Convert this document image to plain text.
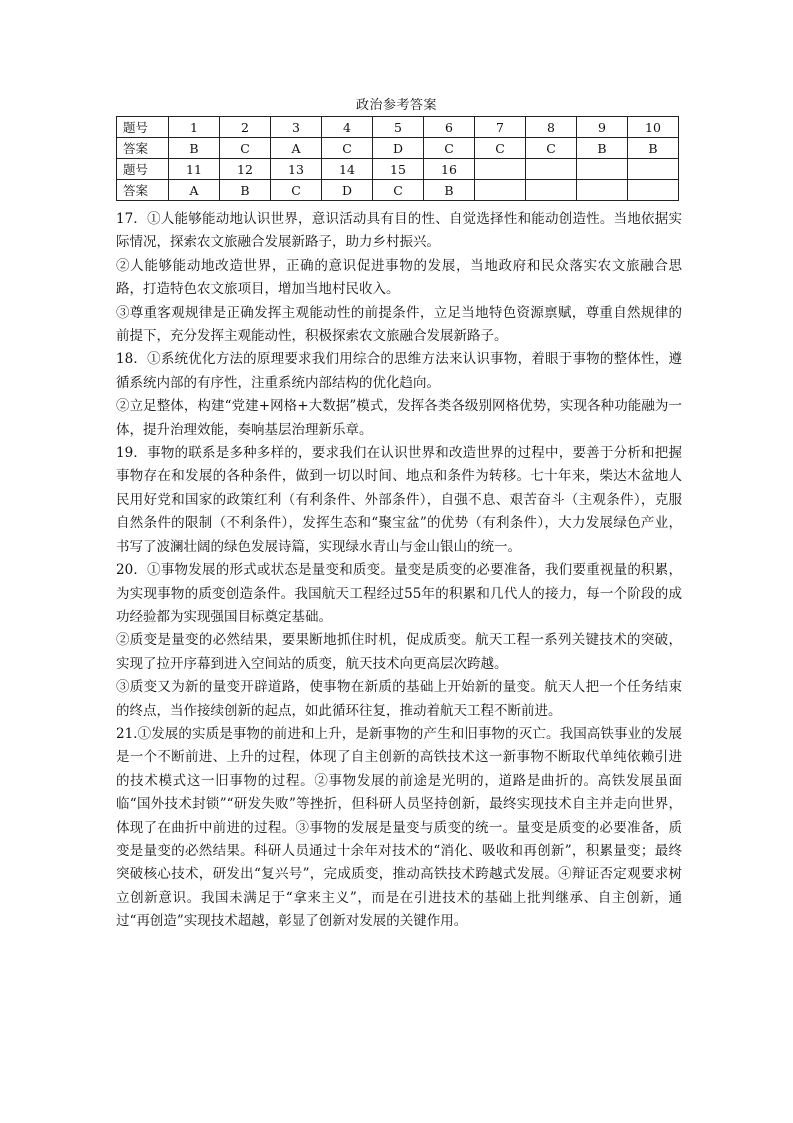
政治参考答案
题号	1	2	3	4	5	6	7	8	9	10
答案	B	C	A	C	D	C	C	C	B	B
题号	11	12	13	14	15	16				
答案	A	B	C	D	C	B				

17．①人能够能动地认识世界，意识活动具有目的性、自觉选择性和能动创造性。当地依据实际情况，探索农文旅融合发展新路子，助力乡村振兴。

②人能够能动地改造世界，正确的意识促进事物的发展，当地政府和民众落实农文旅融合思路，打造特色农文旅项目，增加当地村民收入。

③尊重客观规律是正确发挥主观能动性的前提条件，立足当地特色资源禀赋，尊重自然规律的前提下，充分发挥主观能动性，积极探索农文旅融合发展新路子。

18．①系统优化方法的原理要求我们用综合的思维方法来认识事物，着眼于事物的整体性，遵循系统内部的有序性，注重系统内部结构的优化趋向。

②立足整体，构建“党建+网格+大数据”模式，发挥各类各级别网格优势，实现各种功能融为一体，提升治理效能，奏响基层治理新乐章。

19．事物的联系是多种多样的，要求我们在认识世界和改造世界的过程中，要善于分析和把握事物存在和发展的各种条件，做到一切以时间、地点和条件为转移。七十年来，柴达木盆地人民用好党和国家的政策红利（有利条件、外部条件），自强不息、艰苦奋斗（主观条件），克服自然条件的限制（不利条件），发挥生态和“聚宝盆”的优势（有利条件），大力发展绿色产业，书写了波澜壮阔的绿色发展诗篇，实现绿水青山与金山银山的统一。

20．①事物发展的形式或状态是量变和质变。量变是质变的必要准备，我们要重视量的积累，为实现事物的质变创造条件。我国航天工程经过55年的积累和几代人的接力，每一个阶段的成功经验都为实现强国目标奠定基础。

②质变是量变的必然结果，要果断地抓住时机，促成质变。航天工程一系列关键技术的突破，实现了拉开序幕到进入空间站的质变，航天技术向更高层次跨越。

③质变又为新的量变开辟道路，使事物在新质的基础上开始新的量变。航天人把一个任务结束的终点，当作接续创新的起点，如此循环往复，推动着航天工程不断前进。

21.①发展的实质是事物的前进和上升，是新事物的产生和旧事物的灭亡。我国高铁事业的发展是一个不断前进、上升的过程，体现了自主创新的高铁技术这一新事物不断取代单纯依赖引进的技术模式这一旧事物的过程。②事物发展的前途是光明的，道路是曲折的。高铁发展虽面临“国外技术封锁”“研发失败”等挫折，但科研人员坚持创新，最终实现技术自主并走向世界，体现了在曲折中前进的过程。③事物的发展是量变与质变的统一。量变是质变的必要准备，质变是量变的必然结果。科研人员通过十余年对技术的“消化、吸收和再创新”，积累量变；最终突破核心技术，研发出“复兴号”，完成质变，推动高铁技术跨越式发展。④辩证否定观要求树立创新意识。我国未满足于“拿来主义”，而是在引进技术的基础上批判继承、自主创新，通过“再创造”实现技术超越，彰显了创新对发展的关键作用。
